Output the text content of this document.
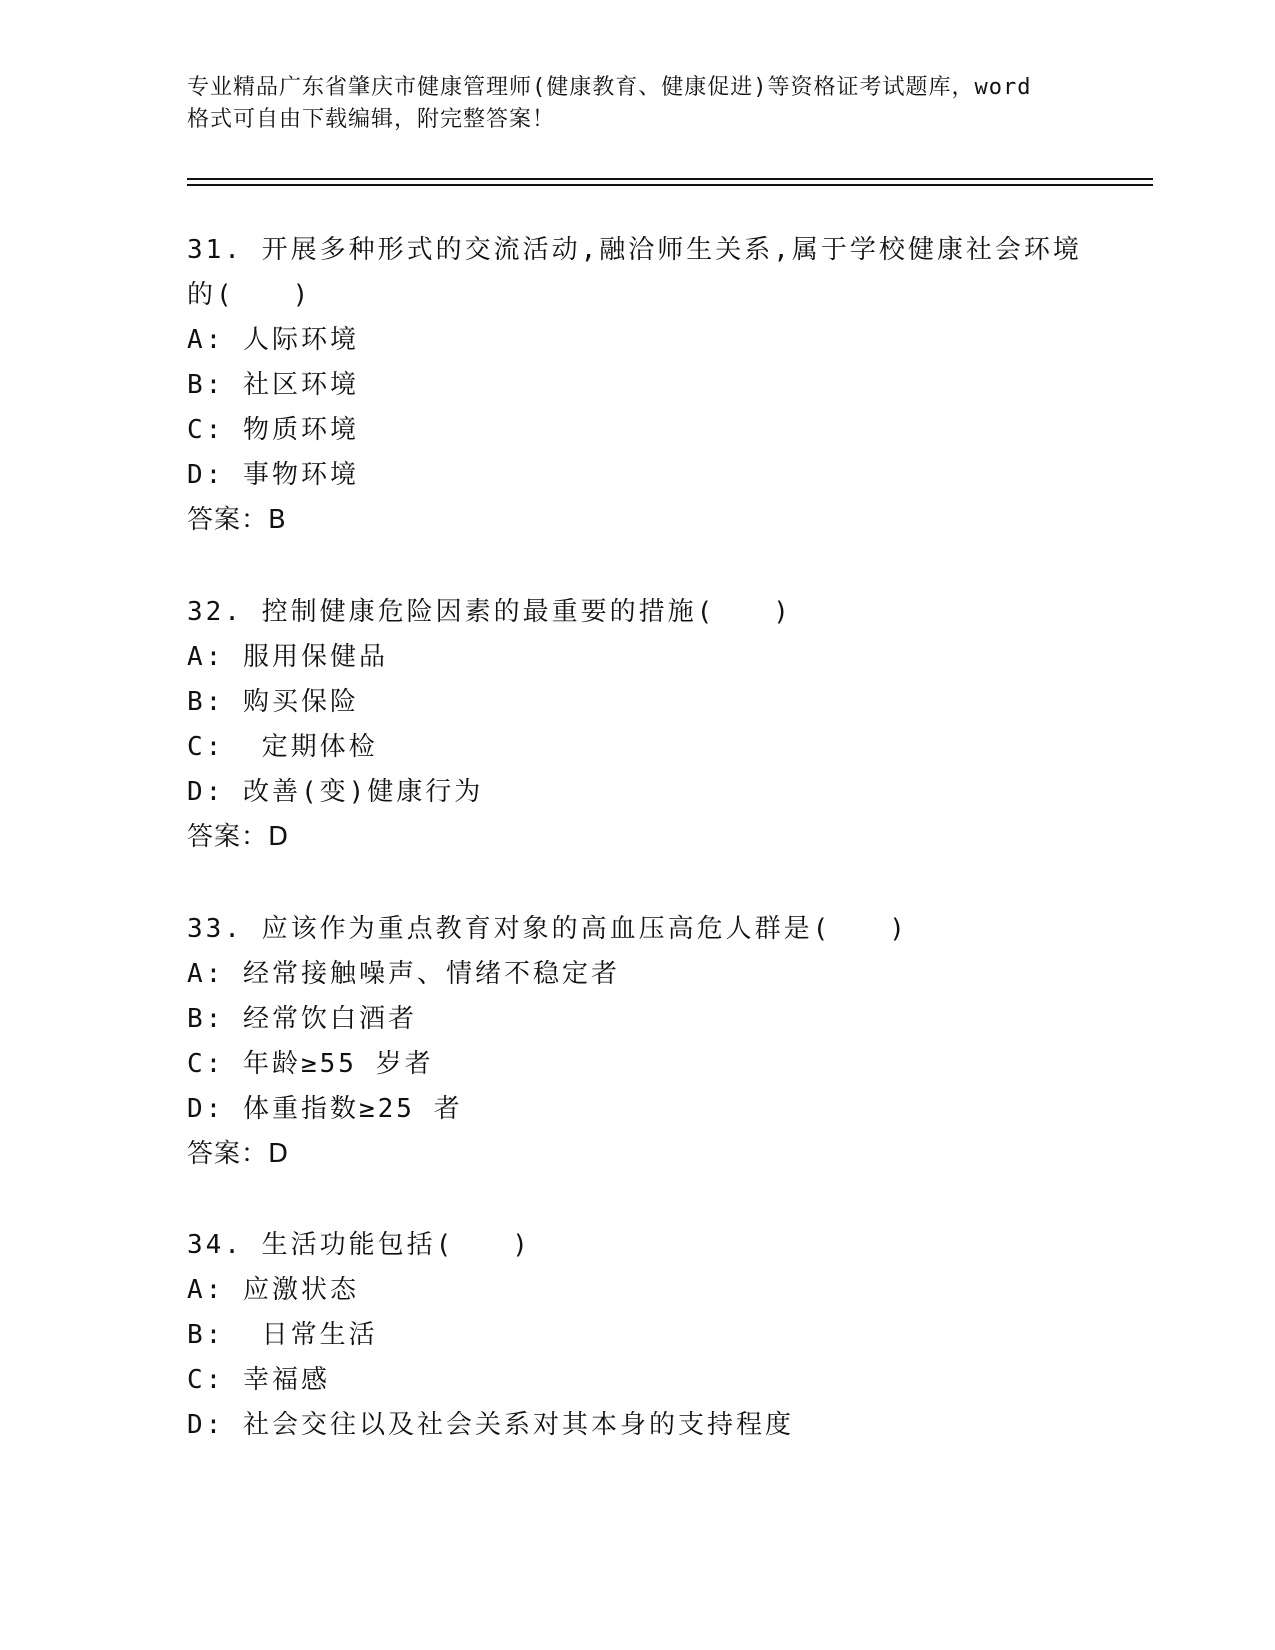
专业精品广东省肇庆市健康管理师(健康教育、健康促进)等资格证考试题库，word
格式可自由下载编辑，附完整答案！
31. 开展多种形式的交流活动,融洽师生关系,属于学校健康社会环境
的(　　)
A: 人际环境
B: 社区环境
C: 物质环境
D: 事物环境
答案：B
32. 控制健康危险因素的最重要的措施(　　)
A: 服用保健品
B: 购买保险
C:  定期体检
D: 改善(变)健康行为
答案：D
33. 应该作为重点教育对象的高血压高危人群是(　　)
A: 经常接触噪声、情绪不稳定者
B: 经常饮白酒者
C: 年龄≥55 岁者
D: 体重指数≥25 者
答案：D
34. 生活功能包括(　　)
A: 应激状态
B:  日常生活
C: 幸福感
D: 社会交往以及社会关系对其本身的支持程度
